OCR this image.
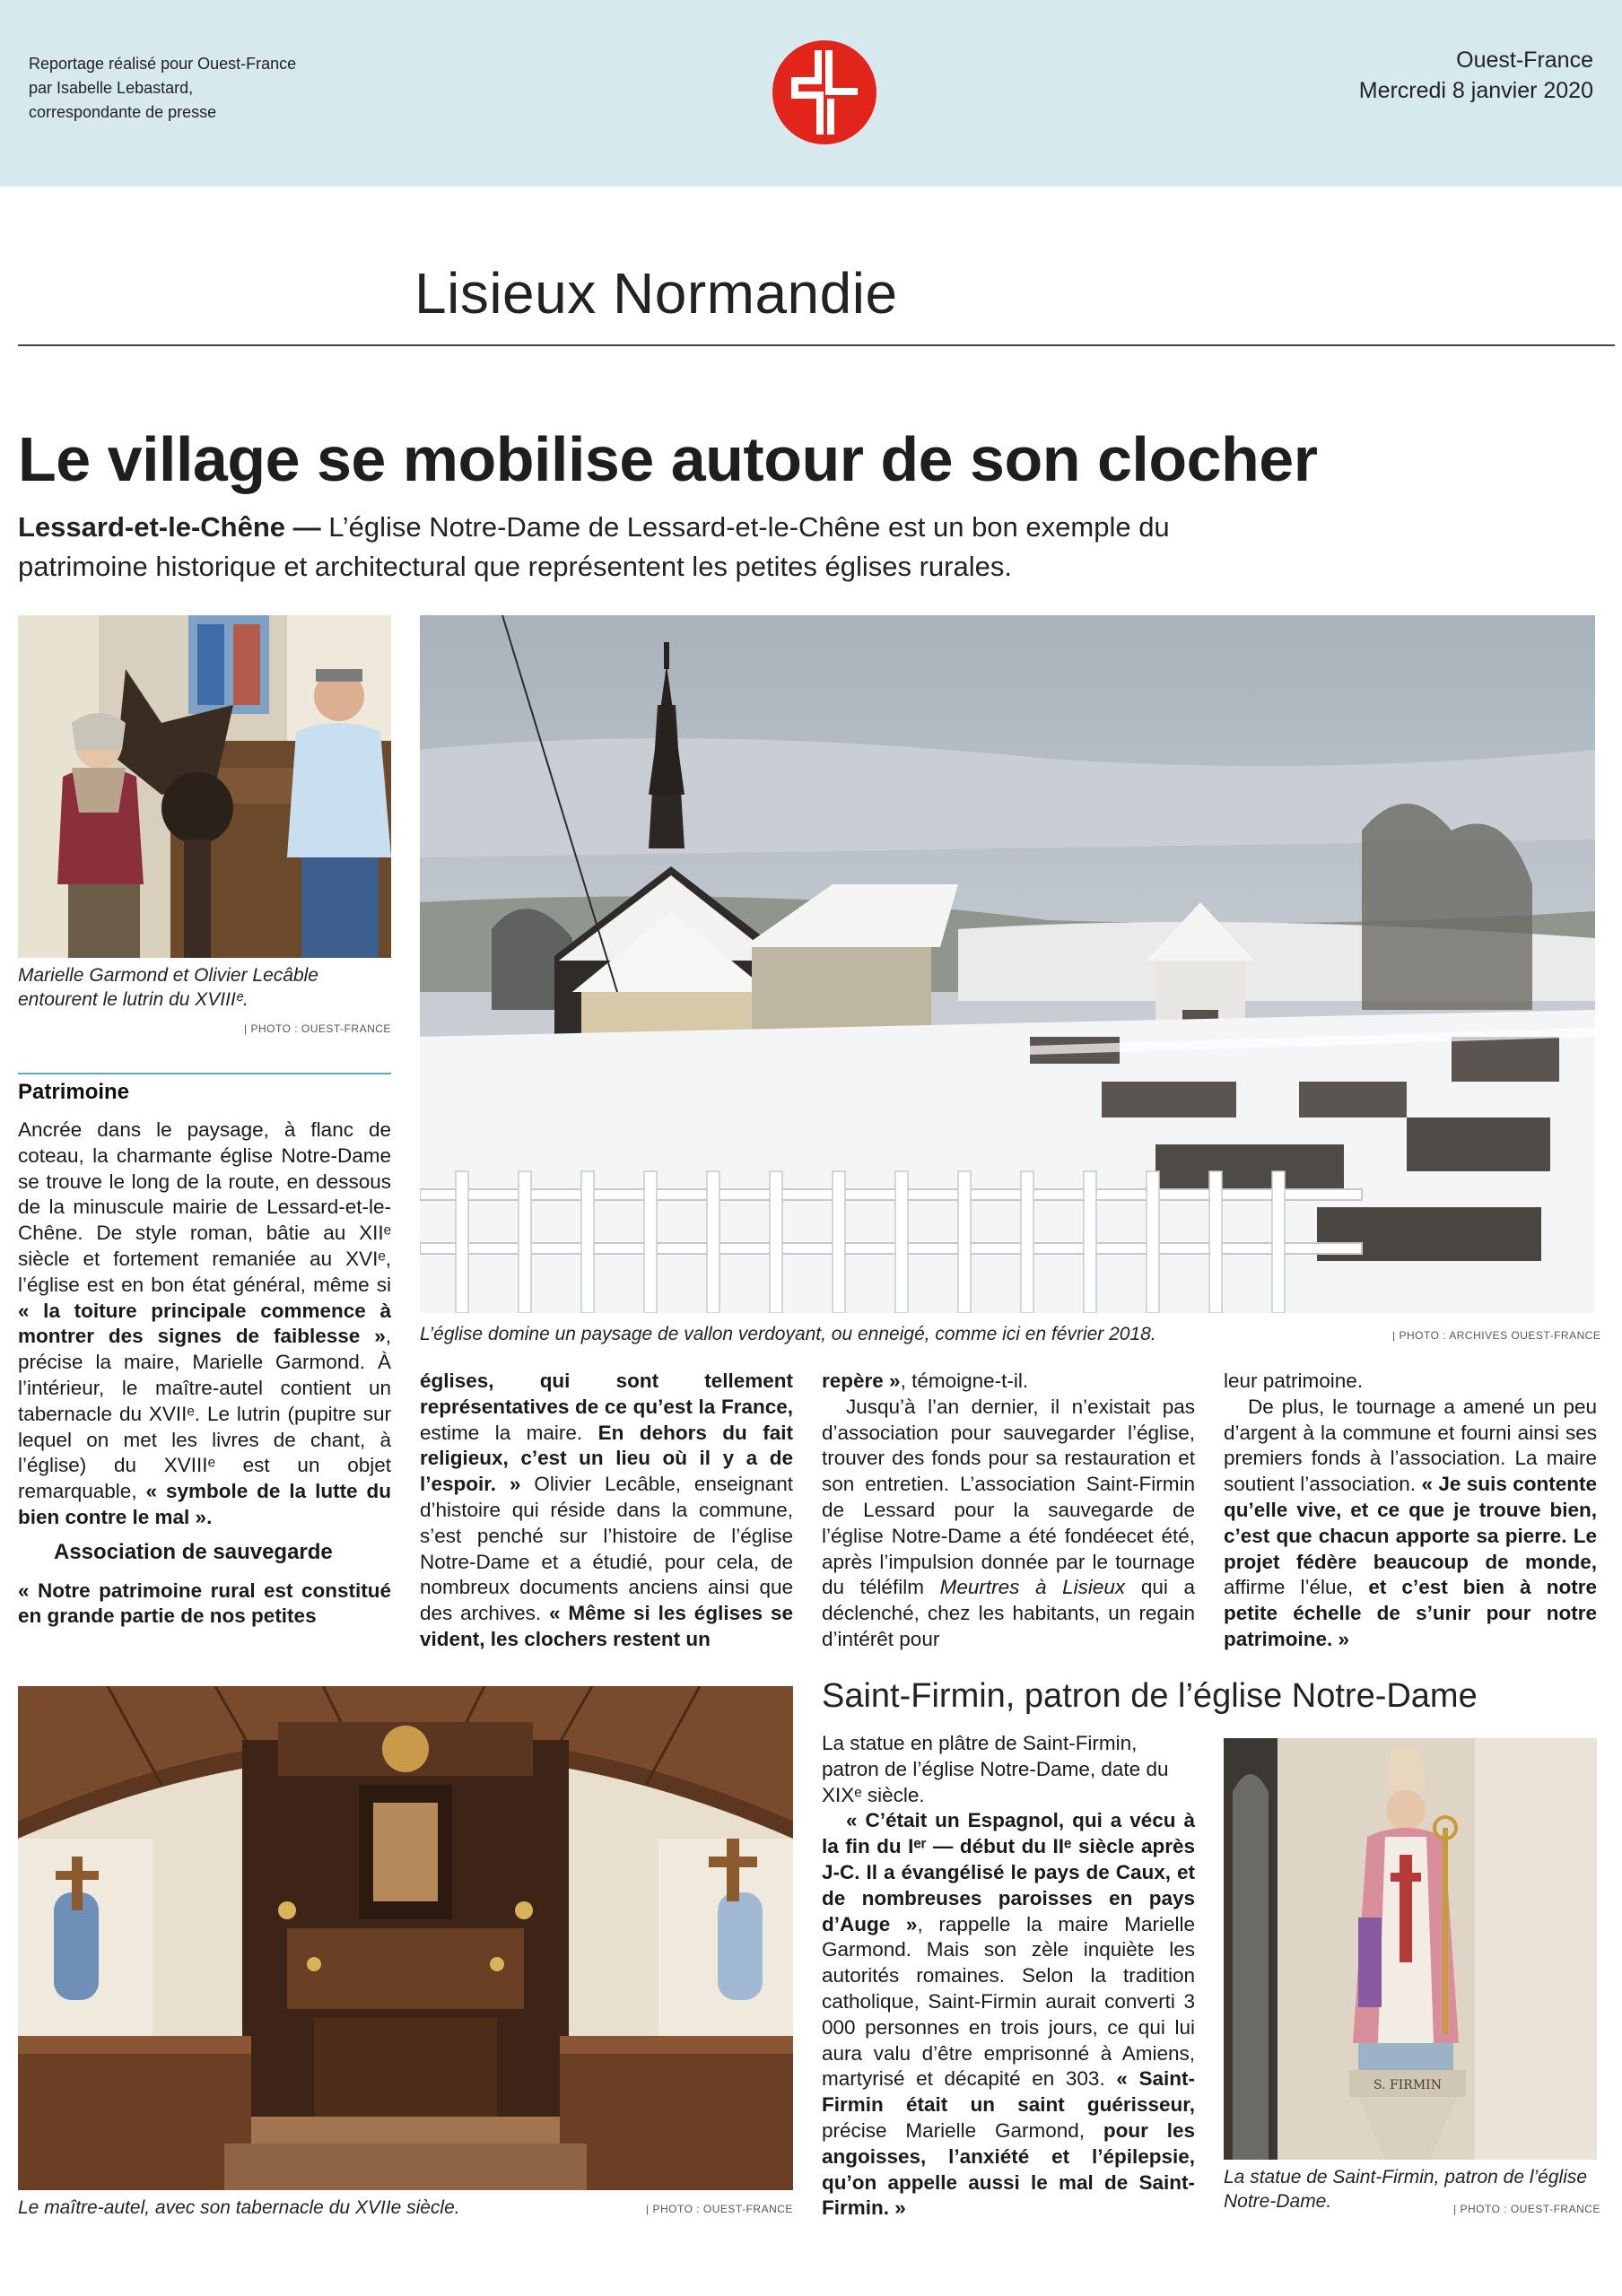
Reportage réalisé pour Ouest-France
par Isabelle Lebastard,
correspondante de presse
Ouest-France
Mercredi 8 janvier 2020
Lisieux Normandie
Le village se mobilise autour de son clocher

Lessard-et-le-Chêne — L’église Notre-Dame de Lessard-et-le-Chêne est un bon exemple du patrimoine historique et architectural que représentent les petites églises rurales.

Marielle Garmond et Olivier Lecâble entourent le lutrin du XVIIIᵉ.
| PHOTO : OUEST-FRANCE
L’église domine un paysage de vallon verdoyant, ou enneigé, comme ici en février 2018.	| PHOTO : ARCHIVES OUEST-FRANCE
Patrimoine

Ancrée dans le paysage, à flanc de coteau, la charmante église Notre-Dame se trouve le long de la route, en dessous de la minuscule mairie de Lessard-et-le-Chêne. De style roman, bâtie au XIIᵉ siècle et fortement remaniée au XVIᵉ, l’église est en bon état général, même si « la toiture principale commence à montrer des signes de faiblesse », précise la maire, Marielle Garmond. À l’intérieur, le maître-autel contient un tabernacle du XVIIᵉ. Le lutrin (pupitre sur lequel on met les livres de chant, à l’église) du XVIIIᵉ est un objet remarquable, « symbole de la lutte du bien contre le mal ».

Association de sauvegarde

« Notre patrimoine rural est constitué en grande partie de nos petites

églises, qui sont tellement représentatives de ce qu’est la France, estime la maire. En dehors du fait religieux, c’est un lieu où il y a de l’espoir. » Olivier Lecâble, enseignant d’histoire qui réside dans la commune, s’est penché sur l’histoire de l’église Notre-Dame et a étudié, pour cela, de nombreux documents anciens ainsi que des archives. « Même si les églises se vident, les clochers restent un

repère », témoigne-t-il.

Jusqu’à l’an dernier, il n’existait pas d’association pour sauvegarder l’église, trouver des fonds pour sa restauration et son entretien. L’association Saint-Firmin de Lessard pour la sauvegarde de l’église Notre-Dame a été fondéecet été, après l’impulsion donnée par le tournage du téléfilm Meurtres à Lisieux qui a déclenché, chez les habitants, un regain d’intérêt pour

leur patrimoine.

De plus, le tournage a amené un peu d’argent à la commune et fourni ainsi ses premiers fonds à l’association. La maire soutient l’association. « Je suis contente qu’elle vive, et ce que je trouve bien, c’est que chacun apporte sa pierre. Le projet fédère beaucoup de monde, affirme l’élue, et c’est bien à notre petite échelle de s’unir pour notre patrimoine. »

Le maître-autel, avec son tabernacle du XVIIe siècle.	| PHOTO : OUEST-FRANCE
Saint-Firmin, patron de l’église Notre-Dame

La statue en plâtre de Saint-Firmin, patron de l’église Notre-Dame, date du XIXᵉ siècle.

« C’était un Espagnol, qui a vécu à la fin du Iᵉʳ — début du IIᵉ siècle après J-C. Il a évangélisé le pays de Caux, et de nombreuses paroisses en pays d’Auge », rappelle la maire Marielle Garmond. Mais son zèle inquiète les autorités romaines. Selon la tradition catholique, Saint-Firmin aurait converti 3 000 personnes en trois jours, ce qui lui aura valu d’être emprisonné à Amiens, martyrisé et décapité en 303. « Saint-Firmin était un saint guérisseur, précise Marielle Garmond, pour les angoisses, l’anxiété et l’épilepsie, qu’on appelle aussi le mal de Saint-Firmin. »

S. FIRMIN
La statue de Saint-Firmin, patron de l’église Notre-Dame.	| PHOTO : OUEST-FRANCE
